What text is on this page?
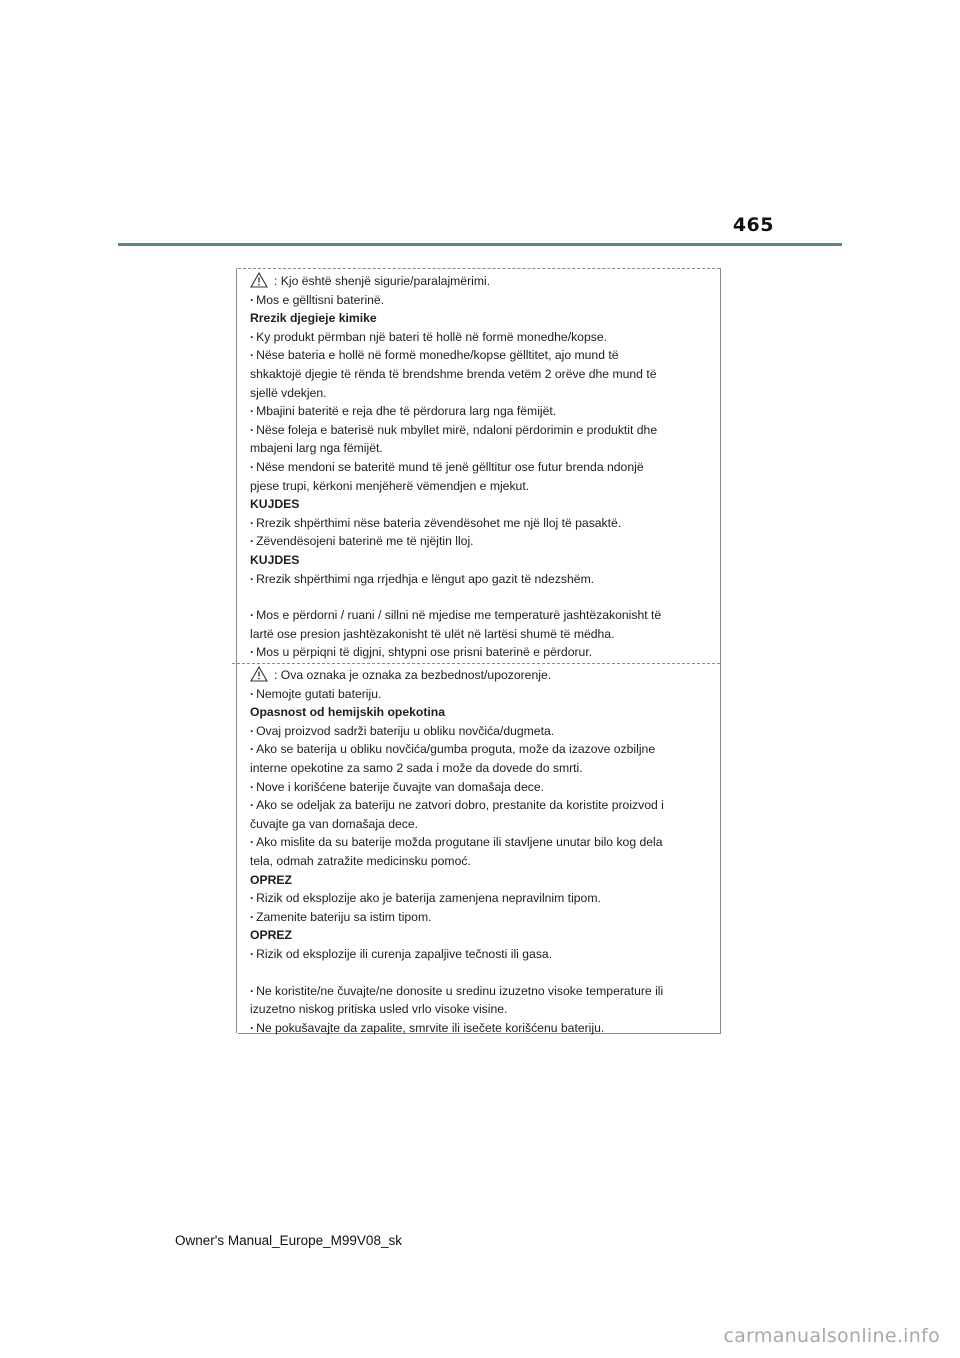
465
: Kjo është shenjë sigurie/paralajmërimi.
· Mos e gëlltisni baterinë.
Rrezik djegieje kimike
· Ky produkt përmban një bateri të hollë në formë monedhe/kopse.
· Nëse bateria e hollë në formë monedhe/kopse gëlltitet, ajo mund të
shkaktojë djegie të rënda të brendshme brenda vetëm 2 orëve dhe mund të
sjellë vdekjen.
· Mbajini bateritë e reja dhe të përdorura larg nga fëmijët.
· Nëse foleja e baterisë nuk mbyllet mirë, ndaloni përdorimin e produktit dhe
mbajeni larg nga fëmijët.
· Nëse mendoni se bateritë mund të jenë gëlltitur ose futur brenda ndonjë
pjese trupi, kërkoni menjëherë vëmendjen e mjekut.
KUJDES
· Rrezik shpërthimi nëse bateria zëvendësohet me një lloj të pasaktë.
· Zëvendësojeni baterinë me të njëjtin lloj.
KUJDES
· Rrezik shpërthimi nga rrjedhja e lëngut apo gazit të ndezshëm.
· Mos e përdorni / ruani / sillni në mjedise me temperaturë jashtëzakonisht të
lartë ose presion jashtëzakonisht të ulët në lartësi shumë të mëdha.
· Mos u përpiqni të digjni, shtypni ose prisni baterinë e përdorur.
: Ova oznaka je oznaka za bezbednost/upozorenje.
· Nemojte gutati bateriju.
Opasnost od hemijskih opekotina
· Ovaj proizvod sadrži bateriju u obliku novčića/dugmeta.
· Ako se baterija u obliku novčića/gumba proguta, može da izazove ozbiljne
interne opekotine za samo 2 sada i može da dovede do smrti.
· Nove i korišćene baterije čuvajte van domašaja dece.
· Ako se odeljak za bateriju ne zatvori dobro, prestanite da koristite proizvod i
čuvajte ga van domašaja dece.
· Ako mislite da su baterije možda progutane ili stavljene unutar bilo kog dela
tela, odmah zatražite medicinsku pomoć.
OPREZ
· Rizik od eksplozije ako je baterija zamenjena nepravilnim tipom.
· Zamenite bateriju sa istim tipom.
OPREZ
· Rizik od eksplozije ili curenja zapaljive tečnosti ili gasa.
· Ne koristite/ne čuvajte/ne donosite u sredinu izuzetno visoke temperature ili
izuzetno niskog pritiska usled vrlo visoke visine.
· Ne pokušavajte da zapalite, smrvite ili isečete korišćenu bateriju.
Owner's Manual_Europe_M99V08_sk
carmanualsonline.info
